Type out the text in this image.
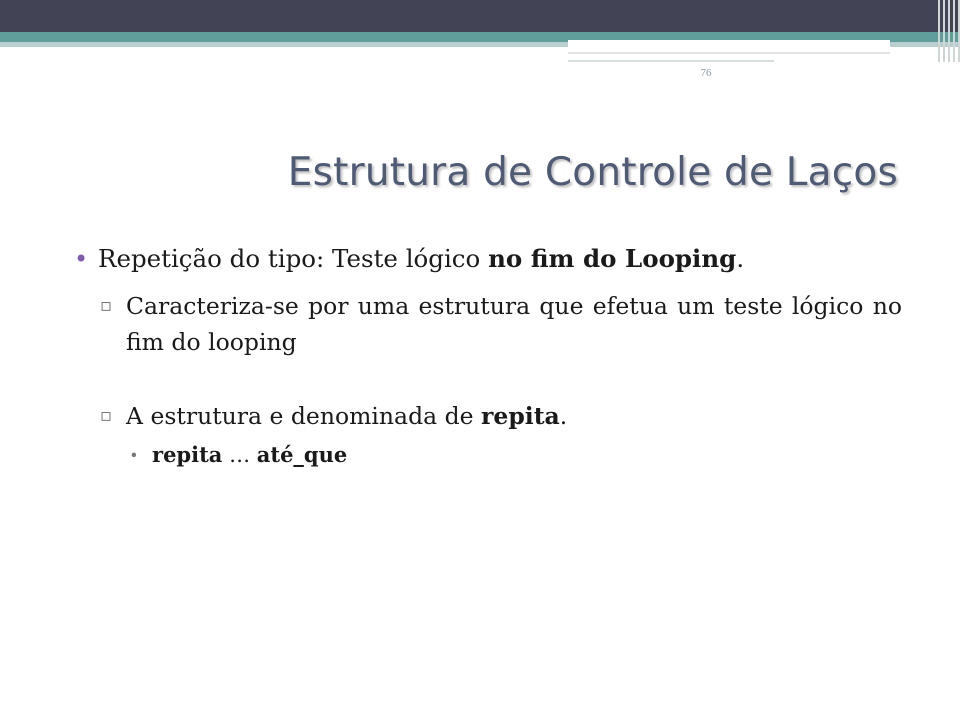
76
Estrutura de Controle de Laços
• Repetição do tipo: Teste lógico no fim do Looping.
▫ Caracteriza-se por uma estrutura que efetua um teste lógico no fim do looping
▫ A estrutura e denominada de repita.
∙ repita … até_que
